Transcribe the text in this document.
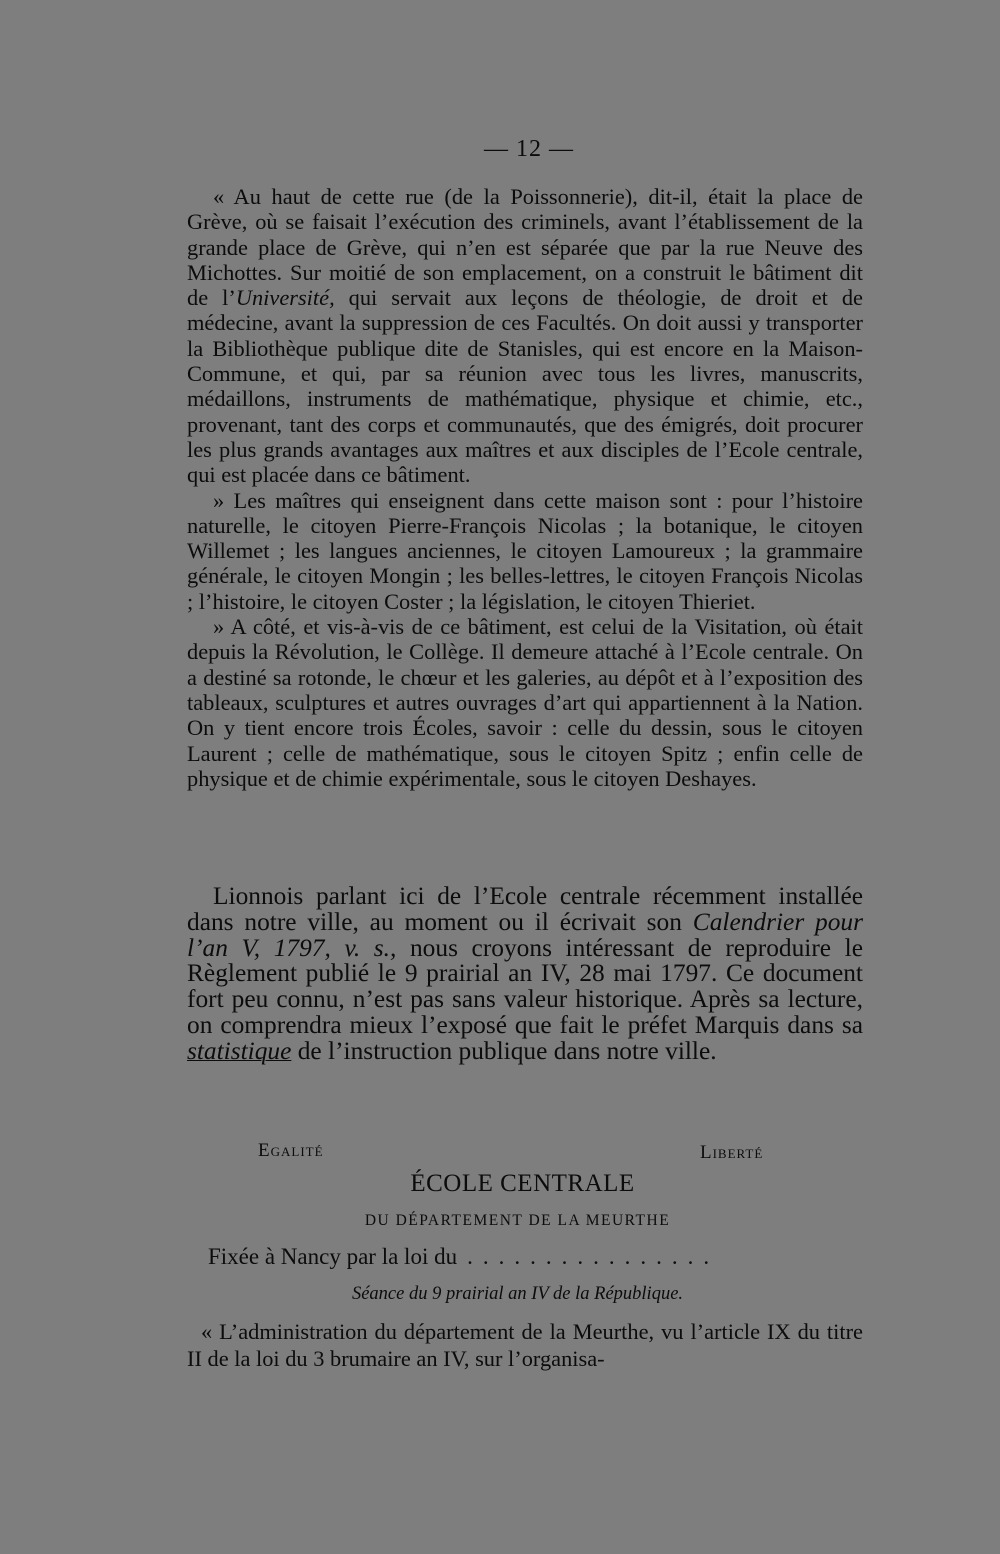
— 12 —

« Au haut de cette rue (de la Poissonnerie), dit-il, était la place de Grève, où se faisait l’exécution des criminels, avant l’établissement de la grande place de Grève, qui n’en est séparée que par la rue Neuve des Michottes. Sur moitié de son emplacement, on a construit le bâtiment dit de l’Université, qui servait aux leçons de théologie, de droit et de médecine, avant la suppression de ces Facultés. On doit aussi y transporter la Bibliothèque publique dite de Stanisles, qui est encore en la Maison-Commune, et qui, par sa réunion avec tous les livres, manuscrits, médaillons, instruments de mathématique, physique et chimie, etc., provenant, tant des corps et communautés, que des émigrés, doit procurer les plus grands avantages aux maîtres et aux disciples de l’Ecole centrale, qui est placée dans ce bâtiment.

» Les maîtres qui enseignent dans cette maison sont : pour l’histoire naturelle, le citoyen Pierre-François Nicolas ; la botanique, le citoyen Willemet ; les langues anciennes, le citoyen Lamoureux ; la grammaire générale, le citoyen Mongin ; les belles-lettres, le citoyen François Nicolas ; l’histoire, le citoyen Coster ; la législation, le citoyen Thieriet.

» A côté, et vis-à-vis de ce bâtiment, est celui de la Visitation, où était depuis la Révolution, le Collège. Il demeure attaché à l’Ecole centrale. On a destiné sa rotonde, le chœur et les galeries, au dépôt et à l’exposition des tableaux, sculptures et autres ouvrages d’art qui appartiennent à la Nation. On y tient encore trois Écoles, savoir : celle du dessin, sous le citoyen Laurent ; celle de mathématique, sous le citoyen Spitz ; enfin celle de physique et de chimie expérimentale, sous le citoyen Deshayes.

Lionnois parlant ici de l’Ecole centrale récemment installée dans notre ville, au moment ou il écrivait son Calendrier pour l’an V, 1797, v. s., nous croyons intéressant de reproduire le Règlement publié le 9 prairial an IV, 28 mai 1797. Ce document fort peu connu, n’est pas sans valeur historique. Après sa lecture, on comprendra mieux l’exposé que fait le préfet Marquis dans sa statistique de l’instruction publique dans notre ville.

Egalité	Liberté
ÉCOLE CENTRALE
DU DÉPARTEMENT DE LA MEURTHE
Fixée à Nancy par la loi du ................
Séance du 9 prairial an IV de la République.

« L’administration du département de la Meurthe, vu l’article IX du titre II de la loi du 3 brumaire an IV, sur l’organisa-
